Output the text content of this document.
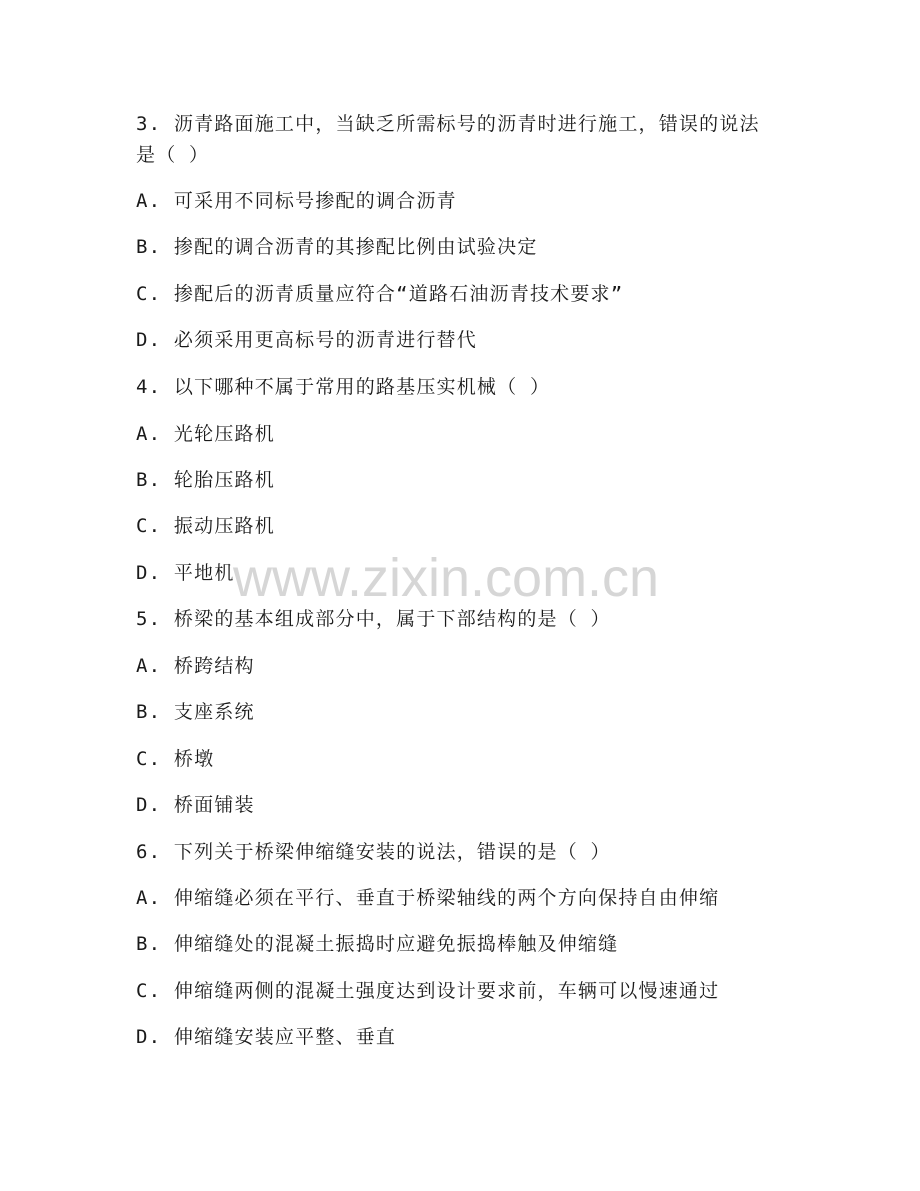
3. 沥青路面施工中，当缺乏所需标号的沥青时进行施工，错误的说法
是（ ）
A. 可采用不同标号掺配的调合沥青
B. 掺配的调合沥青的其掺配比例由试验决定
C. 掺配后的沥青质量应符合“道路石油沥青技术要求”
D. 必须采用更高标号的沥青进行替代
4. 以下哪种不属于常用的路基压实机械（ ）
A. 光轮压路机
B. 轮胎压路机
C. 振动压路机
D. 平地机
5. 桥梁的基本组成部分中，属于下部结构的是（ ）
A. 桥跨结构
B. 支座系统
C. 桥墩
D. 桥面铺装
6. 下列关于桥梁伸缩缝安装的说法，错误的是（ ）
A. 伸缩缝必须在平行、垂直于桥梁轴线的两个方向保持自由伸缩
B. 伸缩缝处的混凝土振捣时应避免振捣棒触及伸缩缝
C. 伸缩缝两侧的混凝土强度达到设计要求前，车辆可以慢速通过
D. 伸缩缝安装应平整、垂直
www.zixin.com.cn
